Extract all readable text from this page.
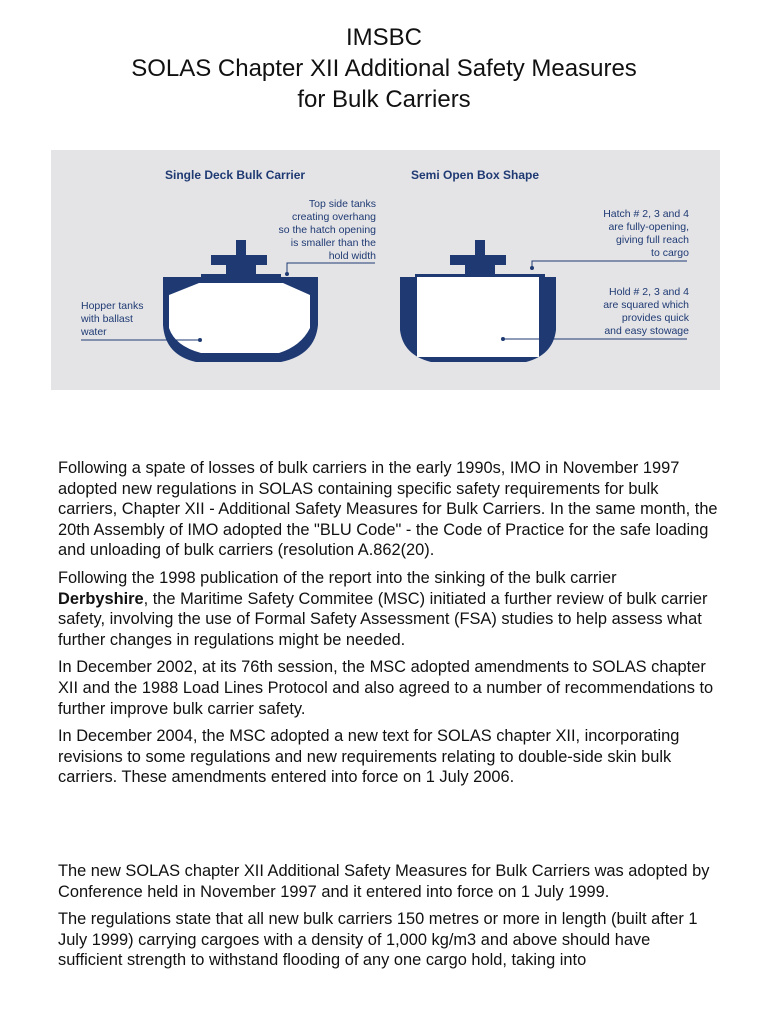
IMSBC
SOLAS Chapter XII Additional Safety Measures
for Bulk Carriers
Single Deck Bulk Carrier
Top side tanks
creating overhang
so the hatch opening
is smaller than the
hold width
Hopper tanks
with ballast
water
Semi Open Box Shape
Hatch # 2, 3 and 4
are fully-opening,
giving full reach
to cargo
Hold # 2, 3 and 4
are squared which
provides quick
and easy stowage

Following a spate of losses of bulk carriers in the early 1990s, IMO in November 1997 adopted new regulations in SOLAS containing specific safety requirements for bulk carriers, Chapter XII - Additional Safety Measures for Bulk Carriers. In the same month, the 20th Assembly of IMO adopted the "BLU Code" - the Code of Practice for the safe loading and unloading of bulk carriers (resolution A.862(20).

Following the 1998 publication of the report into the sinking of the bulk carrier
Derbyshire, the Maritime Safety Commitee (MSC) initiated a further review of bulk carrier safety, involving the use of Formal Safety Assessment (FSA) studies to help assess what further changes in regulations might be needed.

In December 2002, at its 76th session, the MSC adopted amendments to SOLAS chapter XII and the 1988 Load Lines Protocol and also agreed to a number of recommendations to further improve bulk carrier safety.

In December 2004, the MSC adopted a new text for SOLAS chapter XII, incorporating revisions to some regulations and new requirements relating to double-side skin bulk carriers. These amendments entered into force on 1 July 2006.

The new SOLAS chapter XII Additional Safety Measures for Bulk Carriers was adopted by Conference held in November 1997 and it entered into force on 1 July 1999.

The regulations state that all new bulk carriers 150 metres or more in length (built after 1 July 1999) carrying cargoes with a density of 1,000 kg/m3 and above should have sufficient strength to withstand flooding of any one cargo hold, taking into
